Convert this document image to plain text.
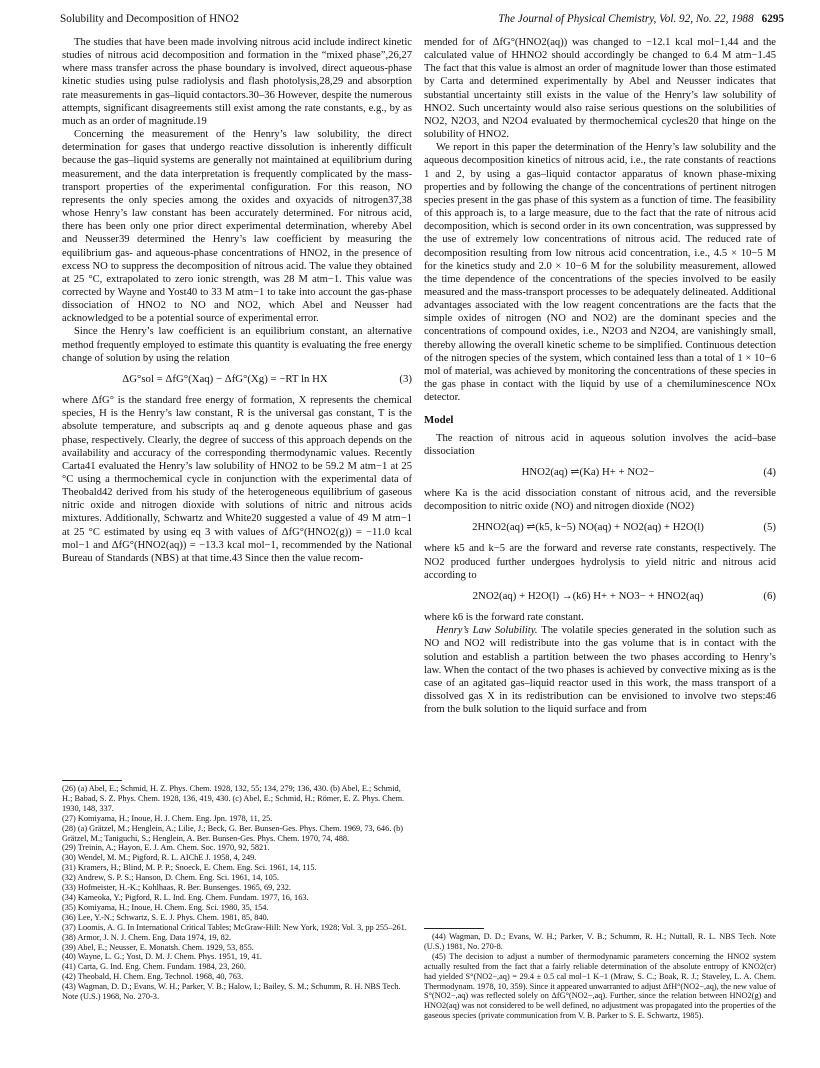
Solubility and Decomposition of HNO2	The Journal of Physical Chemistry, Vol. 92, No. 22, 1988 6295

The studies that have been made involving nitrous acid include indirect kinetic studies of nitrous acid decomposition and formation in the “mixed phase”,26,27 where mass transfer across the phase boundary is involved, direct aqueous-phase kinetic studies using pulse radiolysis and flash photolysis,28,29 and absorption rate measurements in gas–liquid contactors.30–36 However, despite the numerous attempts, significant disagreements still exist among the rate constants, e.g., by as much as an order of magnitude.19

Concerning the measurement of the Henry’s law solubility, the direct determination for gases that undergo reactive dissolution is inherently difficult because the gas–liquid systems are generally not maintained at equilibrium during measurement, and the data interpretation is frequently complicated by the mass-transport properties of the experimental configuration. For this reason, NO represents the only species among the oxides and oxyacids of nitrogen37,38 whose Henry’s law constant has been accurately determined. For nitrous acid, there has been only one prior direct experimental determination, whereby Abel and Neusser39 determined the Henry’s law coefficient by measuring the equilibrium gas- and aqueous-phase concentrations of HNO2, in the presence of excess NO to suppress the decomposition of nitrous acid. The value they obtained at 25 °C, extrapolated to zero ionic strength, was 28 M atm−1. This value was corrected by Wayne and Yost40 to 33 M atm−1 to take into account the gas-phase dissociation of HNO2 to NO and NO2, which Abel and Neusser had acknowledged to be a potential source of experimental error.

Since the Henry’s law coefficient is an equilibrium constant, an alternative method frequently employed to estimate this quantity is evaluating the free energy change of solution by using the relation

ΔG°sol = ΔfG°(Xaq) − ΔfG°(Xg) = −RT ln HX	(3)

where ΔfG° is the standard free energy of formation, X represents the chemical species, H is the Henry’s law constant, R is the universal gas constant, T is the absolute temperature, and subscripts aq and g denote aqueous phase and gas phase, respectively. Clearly, the degree of success of this approach depends on the availability and accuracy of the corresponding thermodynamic values. Recently Carta41 evaluated the Henry’s law solubility of HNO2 to be 59.2 M atm−1 at 25 °C using a thermochemical cycle in conjunction with the experimental data of Theobald42 derived from his study of the heterogeneous equilibrium of gaseous nitric oxide and nitrogen dioxide with solutions of nitric and nitrous acids mixtures. Additionally, Schwartz and White20 suggested a value of 49 M atm−1 at 25 °C estimated by using eq 3 with values of ΔfG°(HNO2(g)) = −11.0 kcal mol−1 and ΔfG°(HNO2(aq)) = −13.3 kcal mol−1, recommended by the National Bureau of Standards (NBS) at that time.43 Since then the value recom-

mended for of ΔfG°(HNO2(aq)) was changed to −12.1 kcal mol−1,44 and the calculated value of HHNO2 should accordingly be changed to 6.4 M atm−1.45 The fact that this value is almost an order of magnitude lower than those estimated by Carta and determined experimentally by Abel and Neusser indicates that substantial uncertainty still exists in the value of the Henry’s law solubility of HNO2. Such uncertainty would also raise serious questions on the solubilities of NO2, N2O3, and N2O4 evaluated by thermochemical cycles20 that hinge on the solubility of HNO2.

We report in this paper the determination of the Henry’s law solubility and the aqueous decomposition kinetics of nitrous acid, i.e., the rate constants of reactions 1 and 2, by using a gas–liquid contactor apparatus of known phase-mixing properties and by following the change of the concentrations of pertinent nitrogen species present in the gas phase of this system as a function of time. The feasibility of this approach is, to a large measure, due to the fact that the rate of nitrous acid decomposition, which is second order in its own concentration, was suppressed by the use of extremely low concentrations of nitrous acid. The reduced rate of decomposition resulting from low nitrous acid concentration, i.e., 4.5 × 10−5 M for the kinetics study and 2.0 × 10−6 M for the solubility measurement, allowed the time dependence of the concentrations of the species involved to be easily measured and the mass-transport processes to be adequately delineated. Additional advantages associated with the low reagent concentrations are the facts that the simple oxides of nitrogen (NO and NO2) are the dominant species and the concentrations of compound oxides, i.e., N2O3 and N2O4, are vanishingly small, thereby allowing the overall kinetic scheme to be simplified. Continuous detection of the nitrogen species of the system, which contained less than a total of 1 × 10−6 mol of material, was achieved by monitoring the concentrations of these species in the gas phase in contact with the liquid by use of a chemiluminescence NOx detector.

Model

The reaction of nitrous acid in aqueous solution involves the acid–base dissociation

HNO2(aq) ⇌(Ka) H+ + NO2−	(4)

where Ka is the acid dissociation constant of nitrous acid, and the reversible decomposition to nitric oxide (NO) and nitrogen dioxide (NO2)

2HNO2(aq) ⇌(k5, k−5) NO(aq) + NO2(aq) + H2O(l)	(5)

where k5 and k−5 are the forward and reverse rate constants, respectively. The NO2 produced further undergoes hydrolysis to yield nitric and nitrous acid according to

2NO2(aq) + H2O(l) →(k6) H+ + NO3− + HNO2(aq)	(6)

where k6 is the forward rate constant.

Henry’s Law Solubility. The volatile species generated in the solution such as NO and NO2 will redistribute into the gas volume that is in contact with the solution and establish a partition between the two phases according to Henry’s law. When the contact of the two phases is achieved by convective mixing as is the case of an agitated gas–liquid reactor used in this work, the mass transport of a dissolved gas X in its redistribution can be envisioned to involve two steps:46 from the bulk solution to the liquid surface and from

(26) (a) Abel, E.; Schmid, H. Z. Phys. Chem. 1928, 132, 55; 134, 279; 136, 430. (b) Abel, E.; Schmid, H.; Babad, S. Z. Phys. Chem. 1928, 136, 419, 430. (c) Abel, E.; Schmid, H.; Römer, E. Z. Phys. Chem. 1930, 148, 337.
(27) Komiyama, H.; Inoue, H. J. Chem. Eng. Jpn. 1978, 11, 25.
(28) (a) Grätzel, M.; Henglein, A.; Lilie, J.; Beck, G. Ber. Bunsen-Ges. Phys. Chem. 1969, 73, 646. (b) Grätzel, M.; Taniguchi, S.; Henglein, A. Ber. Bunsen-Ges. Phys. Chem. 1970, 74, 488.
(29) Treinin, A.; Hayon, E. J. Am. Chem. Soc. 1970, 92, 5821.
(30) Wendel, M. M.; Pigford, R. L. AIChE J. 1958, 4, 249.
(31) Kramers, H.; Blind, M. P. P.; Snoeck, E. Chem. Eng. Sci. 1961, 14, 115.
(32) Andrew, S. P. S.; Hanson, D. Chem. Eng. Sci. 1961, 14, 105.
(33) Hofmeister, H.-K.; Kohlhaas, R. Ber. Bunsenges. 1965, 69, 232.
(34) Kameoka, Y.; Pigford, R. L. Ind. Eng. Chem. Fundam. 1977, 16, 163.
(35) Komiyama, H.; Inoue, H. Chem. Eng. Sci. 1980, 35, 154.
(36) Lee, Y.-N.; Schwartz, S. E. J. Phys. Chem. 1981, 85, 840.
(37) Loomis, A. G. In International Critical Tables; McGraw-Hill: New York, 1928; Vol. 3, pp 255–261.
(38) Armor, J. N. J. Chem. Eng. Data 1974, 19, 82.
(39) Abel, E.; Neusser, E. Monatsh. Chem. 1929, 53, 855.
(40) Wayne, L. G.; Yost, D. M. J. Chem. Phys. 1951, 19, 41.
(41) Carta, G. Ind. Eng. Chem. Fundam. 1984, 23, 260.
(42) Theobald, H. Chem. Eng. Technol. 1968, 40, 763.
(43) Wagman, D. D.; Evans, W. H.; Parker, V. B.; Halow, I.; Bailey, S. M.; Schumm, R. H. NBS Tech. Note (U.S.) 1968, No. 270-3.

(44) Wagman, D. D.; Evans, W. H.; Parker, V. B.; Schumm, R. H.; Nuttall, R. L. NBS Tech. Note (U.S.) 1981, No. 270-8.

(45) The decision to adjust a number of thermodynamic parameters concerning the HNO2 system actually resulted from the fact that a fairly reliable determination of the absolute entropy of KNO2(cr) had yielded S°(NO2−,aq) = 29.4 ± 0.5 cal mol−1 K−1 (Mraw, S. C.; Boak, R. J.; Staveley, L. A. Chem. Thermodynam. 1978, 10, 359). Since it appeared unwarranted to adjust ΔfH°(NO2−,aq), the new value of S°(NO2−,aq) was reflected solely on ΔfG°(NO2−,aq). Further, since the relation between HNO2(g) and HNO2(aq) was not considered to be well defined, no adjustment was propagated into the properties of the gaseous species (private communication from V. B. Parker to S. E. Schwartz, 1985).
